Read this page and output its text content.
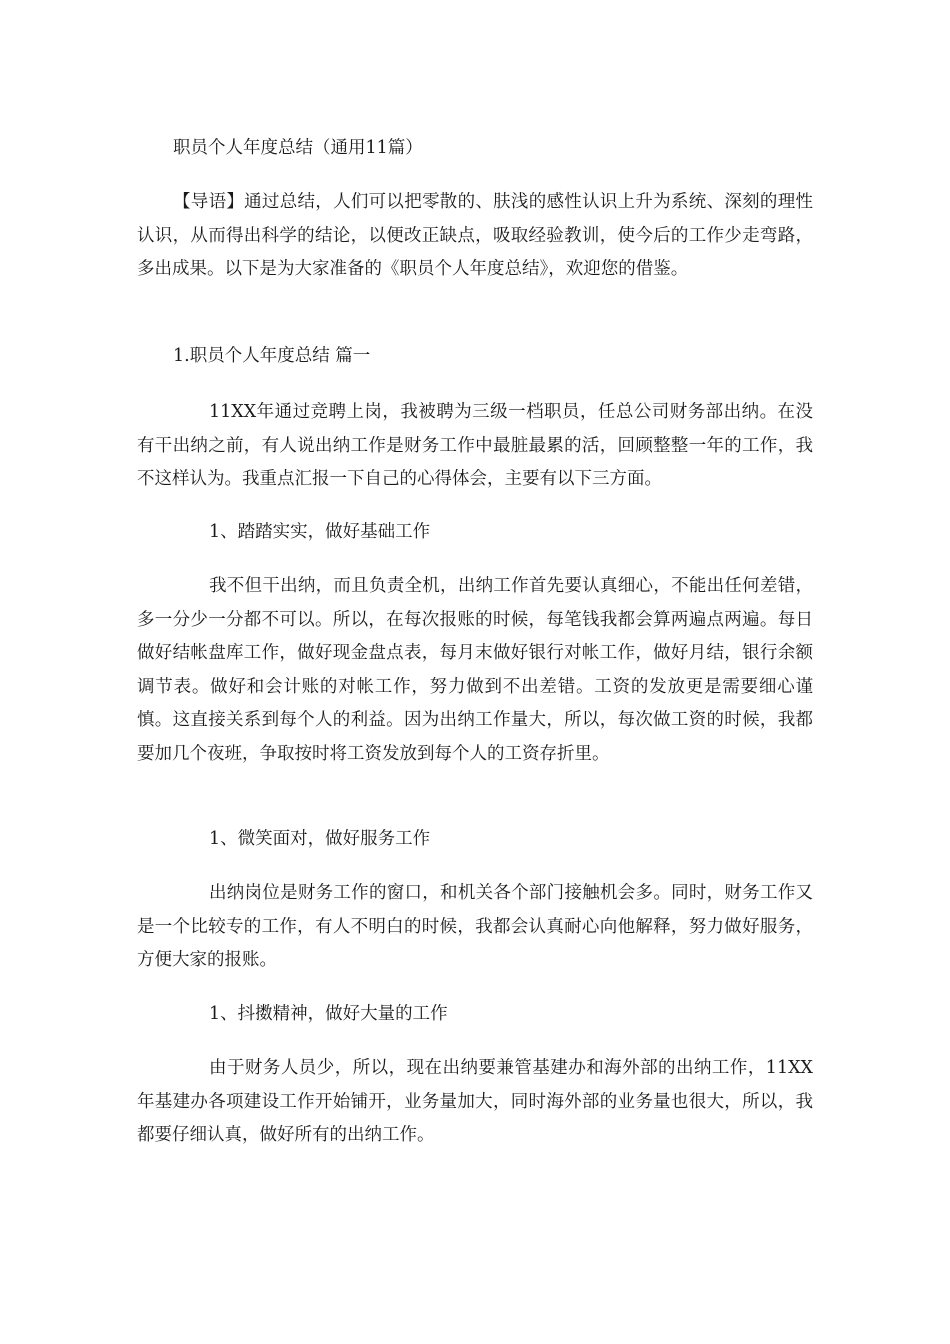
职员个人年度总结（通用11篇）

【导语】通过总结，人们可以把零散的、肤浅的感性认识上升为系统、深刻的理性认识，从而得出科学的结论，以便改正缺点，吸取经验教训，使今后的工作少走弯路，多出成果。以下是为大家准备的《职员个人年度总结》，欢迎您的借鉴。

1.职员个人年度总结 篇一

11XX年通过竞聘上岗，我被聘为三级一档职员，任总公司财务部出纳。在没有干出纳之前，有人说出纳工作是财务工作中最脏最累的活，回顾整整一年的工作，我不这样认为。我重点汇报一下自己的心得体会，主要有以下三方面。

1、踏踏实实，做好基础工作

我不但干出纳，而且负责全机，出纳工作首先要认真细心，不能出任何差错，多一分少一分都不可以。所以，在每次报账的时候，每笔钱我都会算两遍点两遍。每日做好结帐盘库工作，做好现金盘点表，每月末做好银行对帐工作，做好月结，银行余额调节表。做好和会计账的对帐工作，努力做到不出差错。工资的发放更是需要细心谨慎。这直接关系到每个人的利益。因为出纳工作量大，所以，每次做工资的时候，我都要加几个夜班，争取按时将工资发放到每个人的工资存折里。

1、微笑面对，做好服务工作

出纳岗位是财务工作的窗口，和机关各个部门接触机会多。同时，财务工作又是一个比较专的工作，有人不明白的时候，我都会认真耐心向他解释，努力做好服务，方便大家的报账。

1、抖擞精神，做好大量的工作

由于财务人员少，所以，现在出纳要兼管基建办和海外部的出纳工作，11XX年基建办各项建设工作开始铺开，业务量加大，同时海外部的业务量也很大，所以，我都要仔细认真，做好所有的出纳工作。
